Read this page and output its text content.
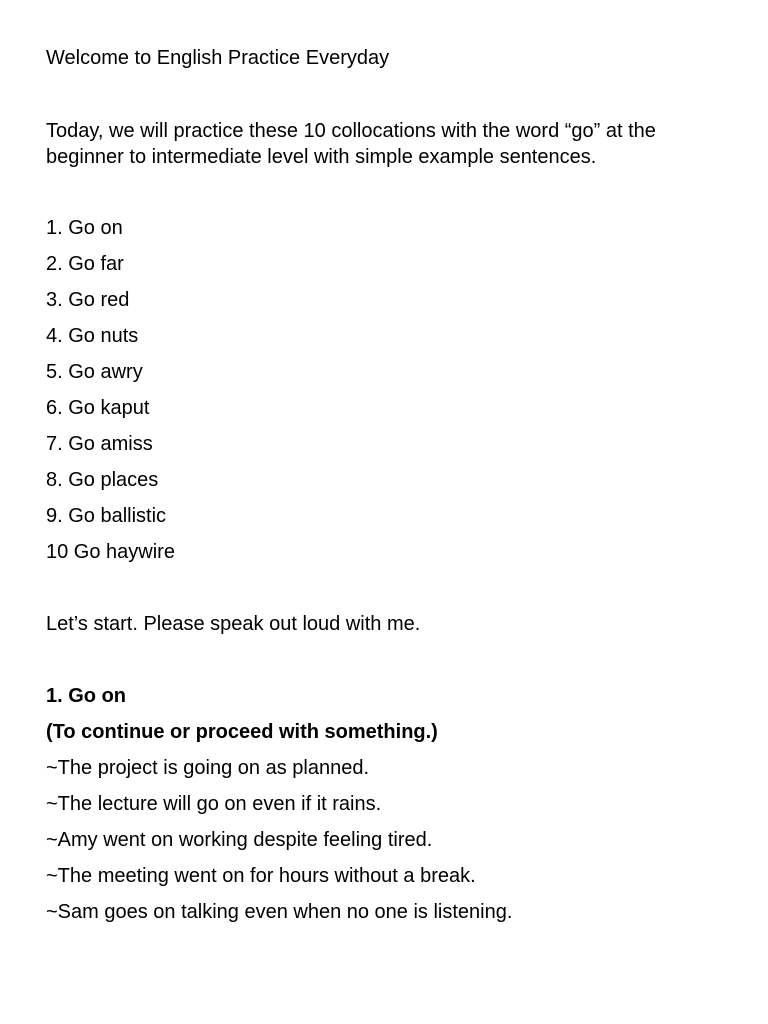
Welcome to English Practice Everyday
Today, we will practice these 10 collocations with the word “go” at the beginner to intermediate level with simple example sentences.
1. Go on
2. Go far
3. Go red
4. Go nuts
5. Go awry
6. Go kaput
7. Go amiss
8. Go places
9. Go ballistic
10 Go haywire
Let’s start. Please speak out loud with me.
1. Go on
(To continue or proceed with something.)
~The project is going on as planned.
~The lecture will go on even if it rains.
~Amy went on working despite feeling tired.
~The meeting went on for hours without a break.
~Sam goes on talking even when no one is listening.
